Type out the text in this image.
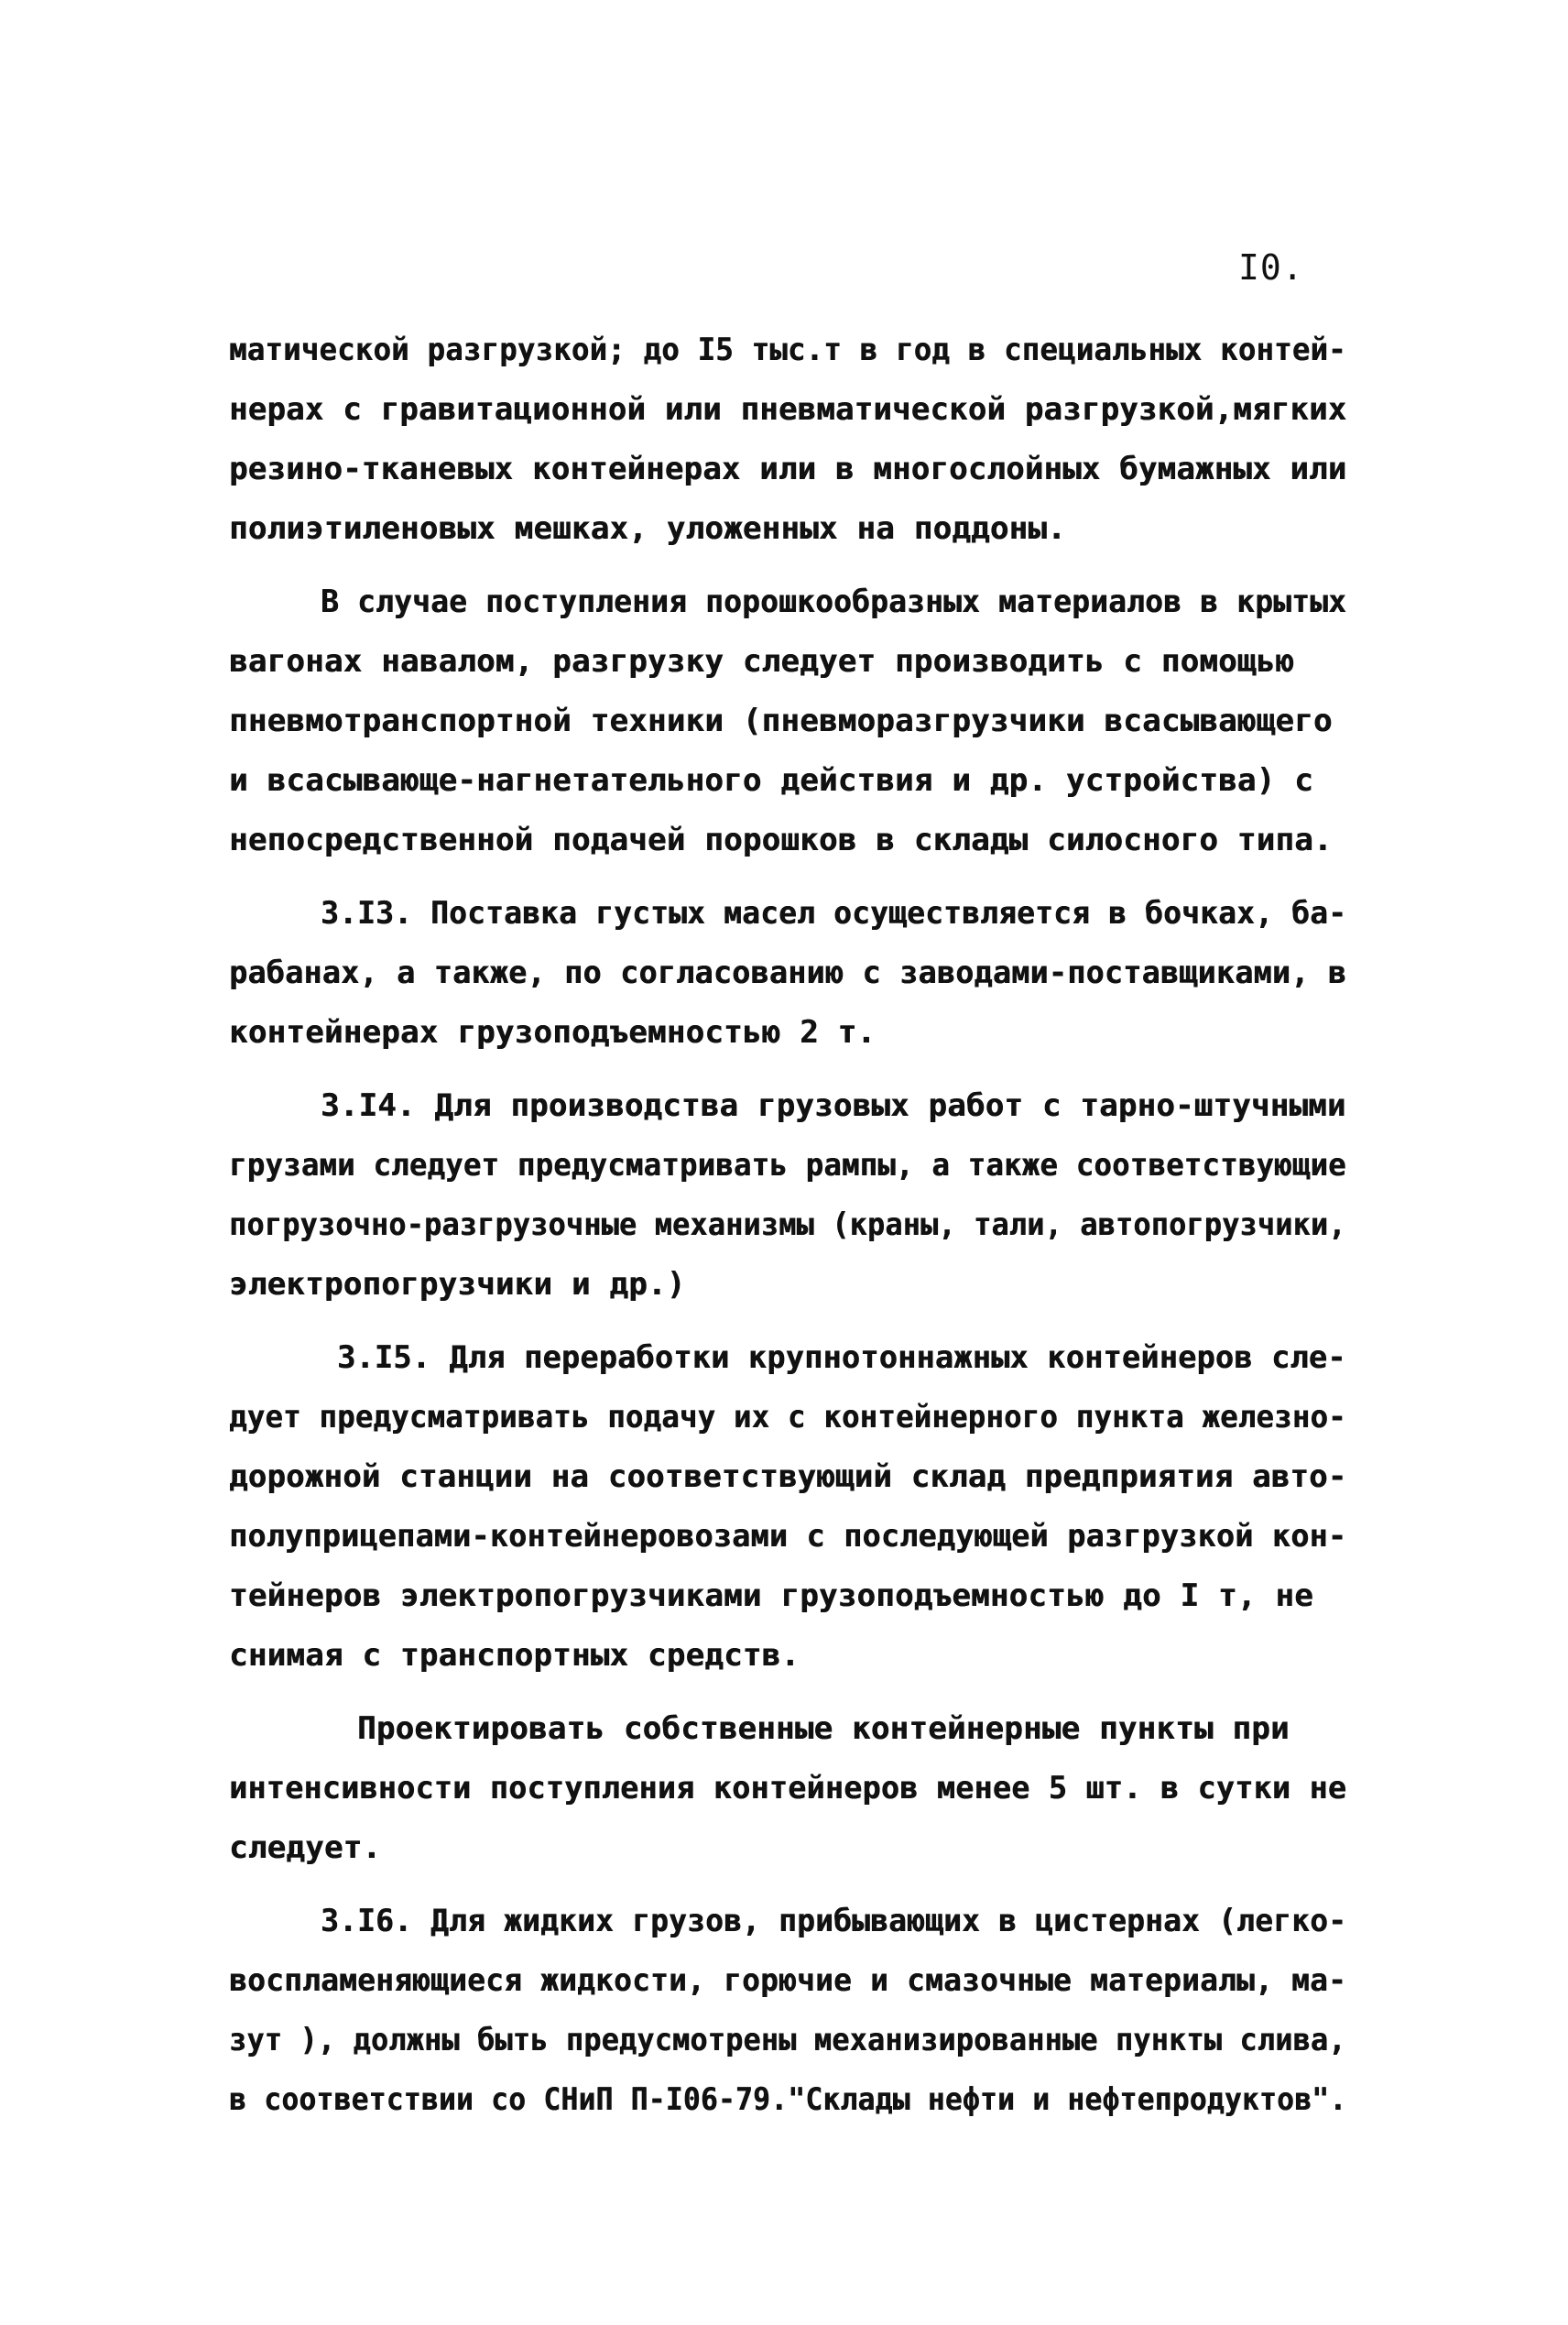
I0.
матической разгрузкой; до I5 тыс.т в год в специальных контей-
нерах с гравитационной или пневматической разгрузкой,мягких
резино-тканевых контейнерах или в многослойных бумажных или
полиэтиленовых мешках, уложенных на поддоны.
В случае поступления порошкообразных материалов в крытых
вагонах навалом, разгрузку следует производить с помощью
пневмотранспортной техники (пневморазгрузчики всасывающего
и всасывающе-нагнетательного действия и др. устройства) с
непосредственной подачей порошков в склады силосного типа.
3.I3. Поставка густых масел осуществляется в бочках, ба-
рабанах, а также, по согласованию с заводами-поставщиками, в
контейнерах грузоподъемностью 2 т.
3.I4. Для производства грузовых работ с тарно-штучными
грузами следует предусматривать рампы, а также соответствующие
погрузочно-разгрузочные механизмы (краны, тали, автопогрузчики,
электропогрузчики и др.)
3.I5. Для переработки крупнотоннажных контейнеров сле-
дует предусматривать подачу их с контейнерного пункта железно-
дорожной станции на соответствующий склад предприятия авто-
полуприцепами-контейнеровозами с последующей разгрузкой кон-
тейнеров электропогрузчиками грузоподъемностью до I т, не
снимая с транспортных средств.
Проектировать собственные контейнерные пункты при
интенсивности поступления контейнеров менее 5 шт. в сутки не
следует.
3.I6. Для жидких грузов, прибывающих в цистернах (легко-
воспламеняющиеся жидкости, горючие и смазочные материалы, ма-
зут ), должны быть предусмотрены механизированные пункты слива,
в соответствии со СНиП П-I06-79."Склады нефти и нефтепродуктов".
